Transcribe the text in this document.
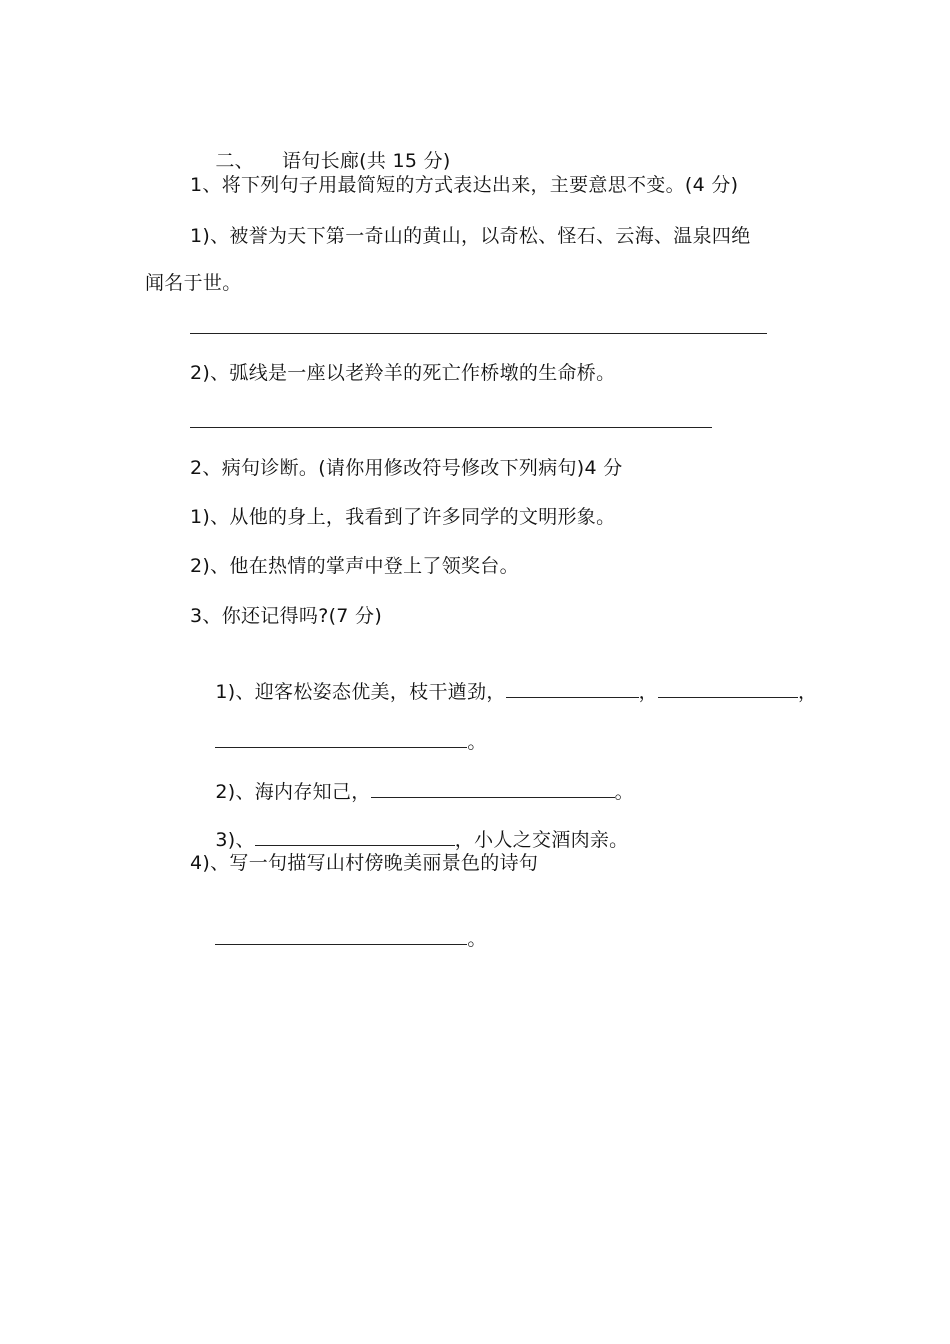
二、 语句长廊(共 15 分)

1、将下列句子用最简短的方式表达出来，主要意思不变。(4 分)
1)、被誉为天下第一奇山的黄山，以奇松、怪石、云海、温泉四绝
闻名于世。
2)、弧线是一座以老羚羊的死亡作桥墩的生命桥。
2、病句诊断。(请你用修改符号修改下列病句)4 分
1)、从他的身上，我看到了许多同学的文明形象。
2)、他在热情的掌声中登上了领奖台。
3、你还记得吗?(7 分)

1)、迎客松姿态优美，枝干遒劲，	，	，

。

2)、海内存知己，	。

3)、	，小人之交酒肉亲。

4)、写一句描写山村傍晚美丽景色的诗句

。
